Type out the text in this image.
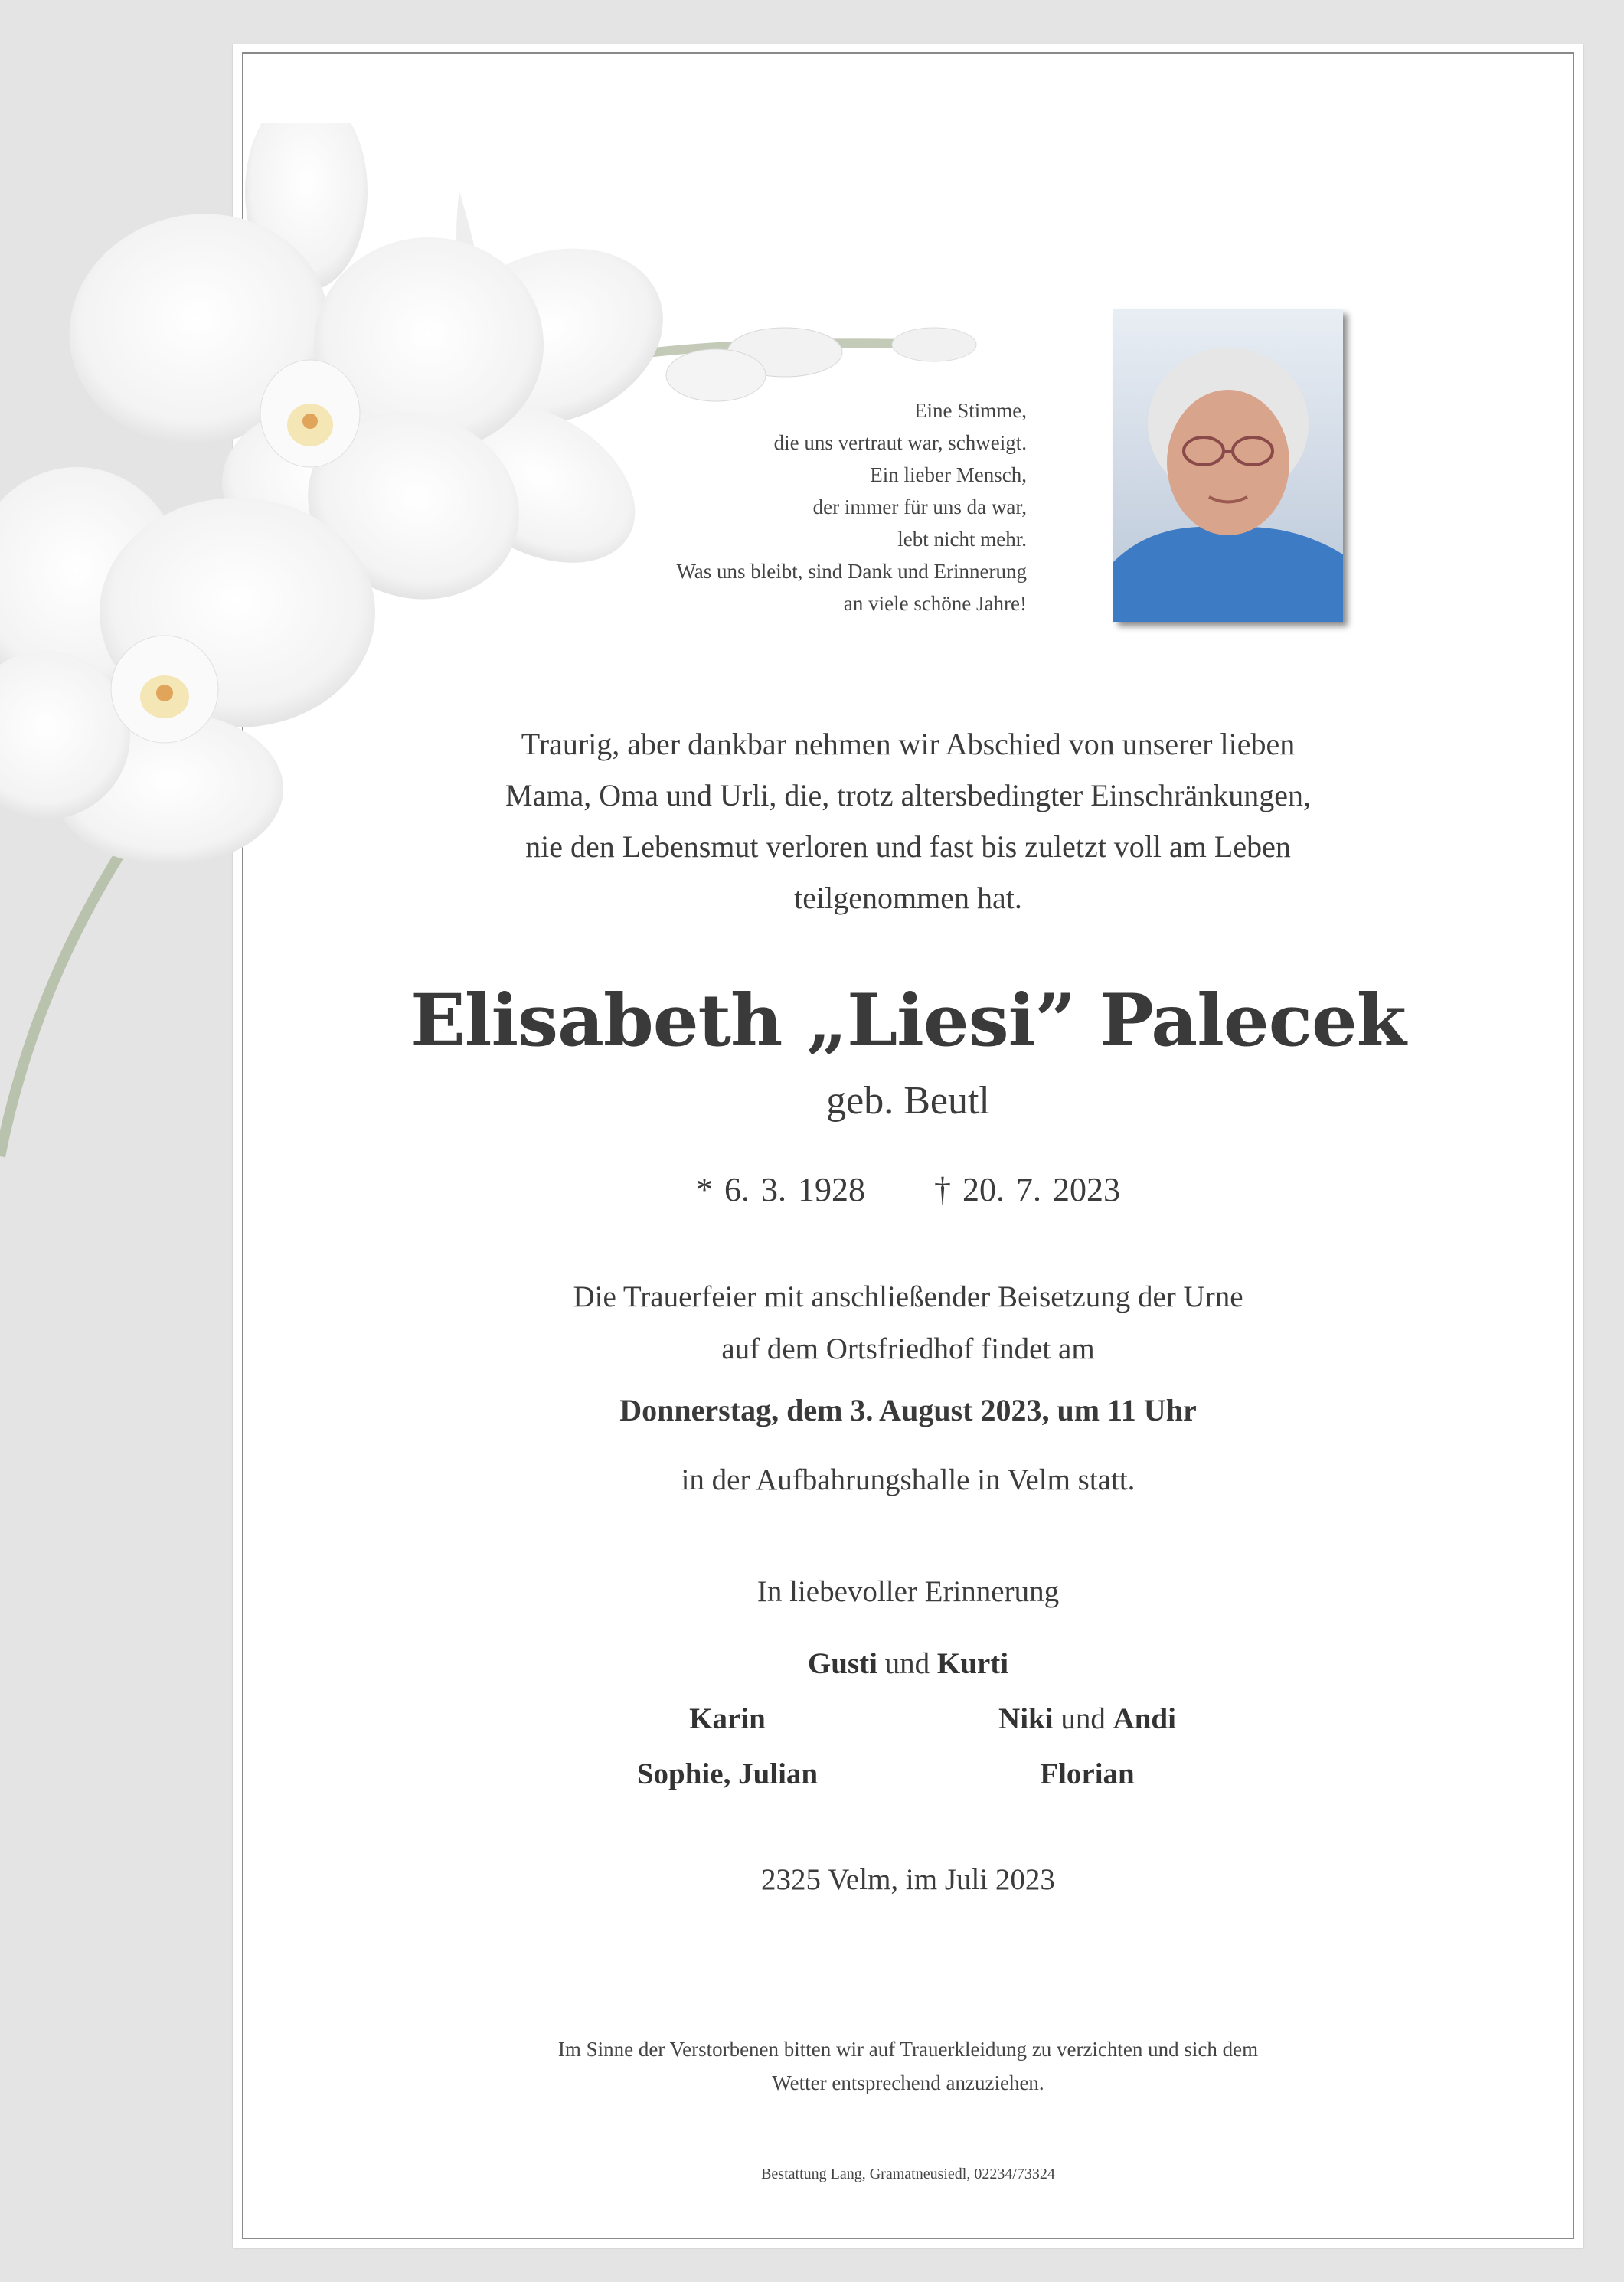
Eine Stimme,
die uns vertraut war, schweigt.
Ein lieber Mensch,
der immer für uns da war,
lebt nicht mehr.
Was uns bleibt, sind Dank und Erinnerung
an viele schöne Jahre!
Traurig, aber dankbar nehmen wir Abschied von unserer lieben
Mama, Oma und Urli, die, trotz altersbedingter Einschränkungen,
nie den Lebensmut verloren und fast bis zuletzt voll am Leben
teilgenommen hat.
Elisabeth „Liesi” Palecek
geb. Beutl
* 6. 3. 1928 † 20. 7. 2023
Die Trauerfeier mit anschließender Beisetzung der Urne
auf dem Ortsfriedhof findet am
Donnerstag, dem 3. August 2023, um 11 Uhr
in der Aufbahrungshalle in Velm statt.
In liebevoller Erinnerung
Gusti und Kurti
Karin	Niki und Andi
Sophie, Julian	Florian
2325 Velm, im Juli 2023
Im Sinne der Verstorbenen bitten wir auf Trauerkleidung zu verzichten und sich dem
Wetter entsprechend anzuziehen.
Bestattung Lang, Gramatneusiedl, 02234/73324
